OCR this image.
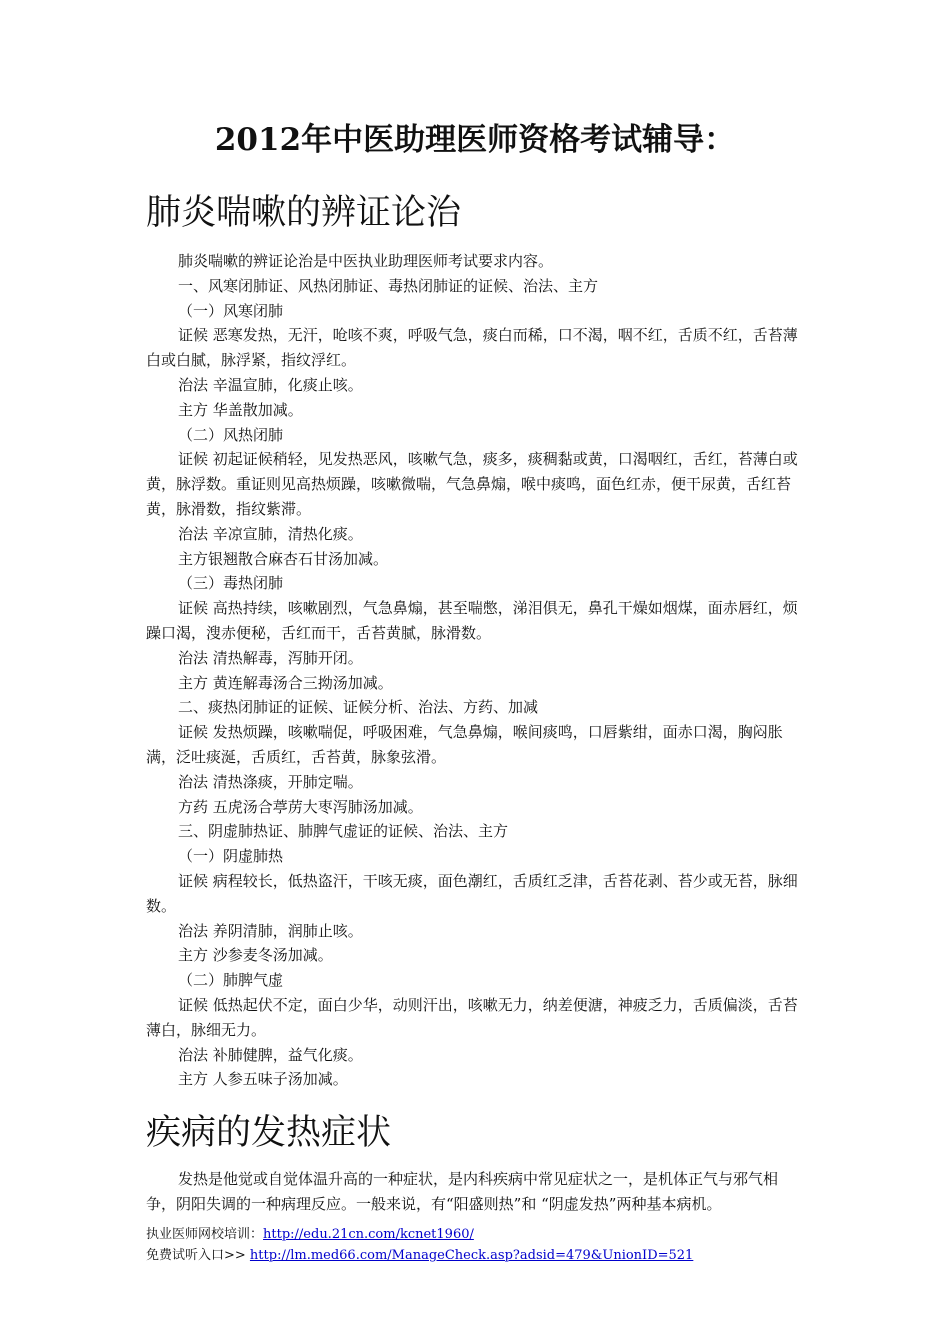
2012年中医助理医师资格考试辅导：
肺炎喘嗽的辨证论治

肺炎喘嗽的辨证论治是中医执业助理医师考试要求内容。

一、风寒闭肺证、风热闭肺证、毒热闭肺证的证候、治法、主方

（一）风寒闭肺

证候 恶寒发热，无汗，呛咳不爽，呼吸气急，痰白而稀，口不渴，咽不红，舌质不红，舌苔薄白或白腻，脉浮紧，指纹浮红。

治法 辛温宣肺，化痰止咳。

主方 华盖散加减。

（二）风热闭肺

证候 初起证候稍轻，见发热恶风，咳嗽气急，痰多，痰稠黏或黄，口渴咽红，舌红，苔薄白或黄，脉浮数。重证则见高热烦躁，咳嗽微喘，气急鼻煽，喉中痰鸣，面色红赤，便干尿黄，舌红苔黄，脉滑数，指纹紫滞。

治法 辛凉宣肺，清热化痰。

主方银翘散合麻杏石甘汤加减。

（三）毒热闭肺

证候 高热持续，咳嗽剧烈，气急鼻煽，甚至喘憋，涕泪俱无，鼻孔干燥如烟煤，面赤唇红，烦躁口渴，溲赤便秘，舌红而干，舌苔黄腻，脉滑数。

治法 清热解毒，泻肺开闭。

主方 黄连解毒汤合三拗汤加减。

二、痰热闭肺证的证候、证候分析、治法、方药、加减

证候 发热烦躁，咳嗽喘促，呼吸困难，气急鼻煽，喉间痰鸣，口唇紫绀，面赤口渴，胸闷胀满，泛吐痰涎，舌质红，舌苔黄，脉象弦滑。

治法 清热涤痰，开肺定喘。

方药 五虎汤合葶苈大枣泻肺汤加减。

三、阴虚肺热证、肺脾气虚证的证候、治法、主方

（一）阴虚肺热

证候 病程较长，低热盗汗，干咳无痰，面色潮红，舌质红乏津，舌苔花剥、苔少或无苔，脉细数。

治法 养阴清肺，润肺止咳。

主方 沙参麦冬汤加减。

（二）肺脾气虚

证候 低热起伏不定，面白少华，动则汗出，咳嗽无力，纳差便溏，神疲乏力，舌质偏淡，舌苔薄白，脉细无力。

治法 补肺健脾，益气化痰。

主方 人参五味子汤加减。

疾病的发热症状

发热是他觉或自觉体温升高的一种症状，是内科疾病中常见症状之一，是机体正气与邪气相争，阴阳失调的一种病理反应。一般来说，有“阳盛则热”和 “阴虚发热”两种基本病机。

执业医师网校培训：http://edu.21cn.com/kcnet1960/
免费试听入口>> http://lm.med66.com/ManageCheck.asp?adsid=479&UnionID=521
